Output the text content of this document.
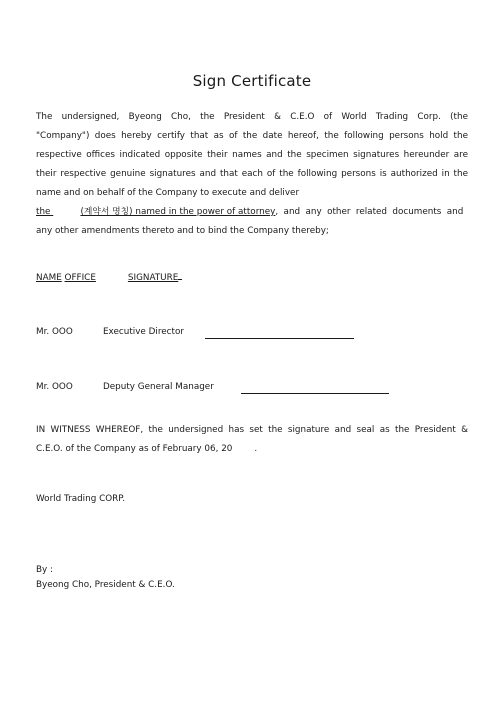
Sign Certificate
The undersigned, Byeong Cho, the President & C.E.O of World Trading Corp. (the
"Company") does hereby certify that as of the date hereof, the following persons hold the
respective offices indicated opposite their names and the specimen signatures hereunder are
their respective genuine signatures and that each of the following persons is authorized in the
name and on behalf of the Company to execute and deliver
the	(계약서 명칭) named in the power of attorney, and any other related documents and
any other amendments thereto and to bind the Company thereby;
NAME OFFICE	SIGNATURE
Mr. OOO	Executive Director
Mr. OOO	Deputy General Manager
IN WITNESS WHEREOF, the undersigned has set the signature and seal as the President &
C.E.O. of the Company as of February 06, 20	.
World Trading CORP.
By :
Byeong Cho, President & C.E.O.
